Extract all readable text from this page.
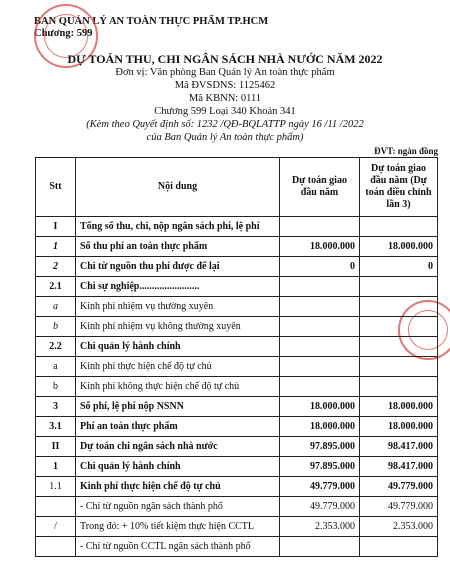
BAN QUẢN LÝ AN TOÀN THỰC PHẨM TP.HCM
Chương: 599
DỰ TOÁN THU, CHI NGÂN SÁCH NHÀ NƯỚC NĂM 2022
Đơn vị: Văn phòng Ban Quản lý An toàn thực phẩm
Mã ĐVSDNS: 1125462
Mã KBNN: 0111
Chương 599 Loại 340 Khoản 341
(Kèm theo Quyết định số: 1232 /QĐ-BQLATTP ngày 16 /11 /2022
của Ban Quản lý An toàn thực phẩm)
ĐVT: ngàn đồng
Stt	Nội dung	Dự toán giao đầu năm	Dự toán giao đầu năm (Dự toán điều chỉnh lần 3)
I	Tổng số thu, chi, nộp ngân sách phí, lệ phí		
1	Số thu phí an toàn thực phẩm	18.000.000	18.000.000
2	Chi từ nguồn thu phí được để lại	0	0
2.1	Chi sự nghiệp........................		
a	Kinh phí nhiệm vụ thường xuyên		
b	Kinh phí nhiệm vụ không thường xuyên		
2.2	Chi quản lý hành chính		
a	Kinh phí thực hiện chế độ tự chủ		
b	Kinh phí không thực hiện chế độ tự chủ		
3	Số phí, lệ phí nộp NSNN	18.000.000	18.000.000
3.1	Phí an toàn thực phẩm	18.000.000	18.000.000
II	Dự toán chi ngân sách nhà nước	97.895.000	98.417.000
1	Chi quản lý hành chính	97.895.000	98.417.000
1.1	Kinh phí thực hiện chế độ tự chủ	49.779.000	49.779.000
	- Chi từ nguồn ngân sách thành phố	49.779.000	49.779.000
/	Trong đó: + 10% tiết kiệm thực hiện CCTL	2.353.000	2.353.000
	- Chi từ nguồn CCTL ngân sách thành phố		
